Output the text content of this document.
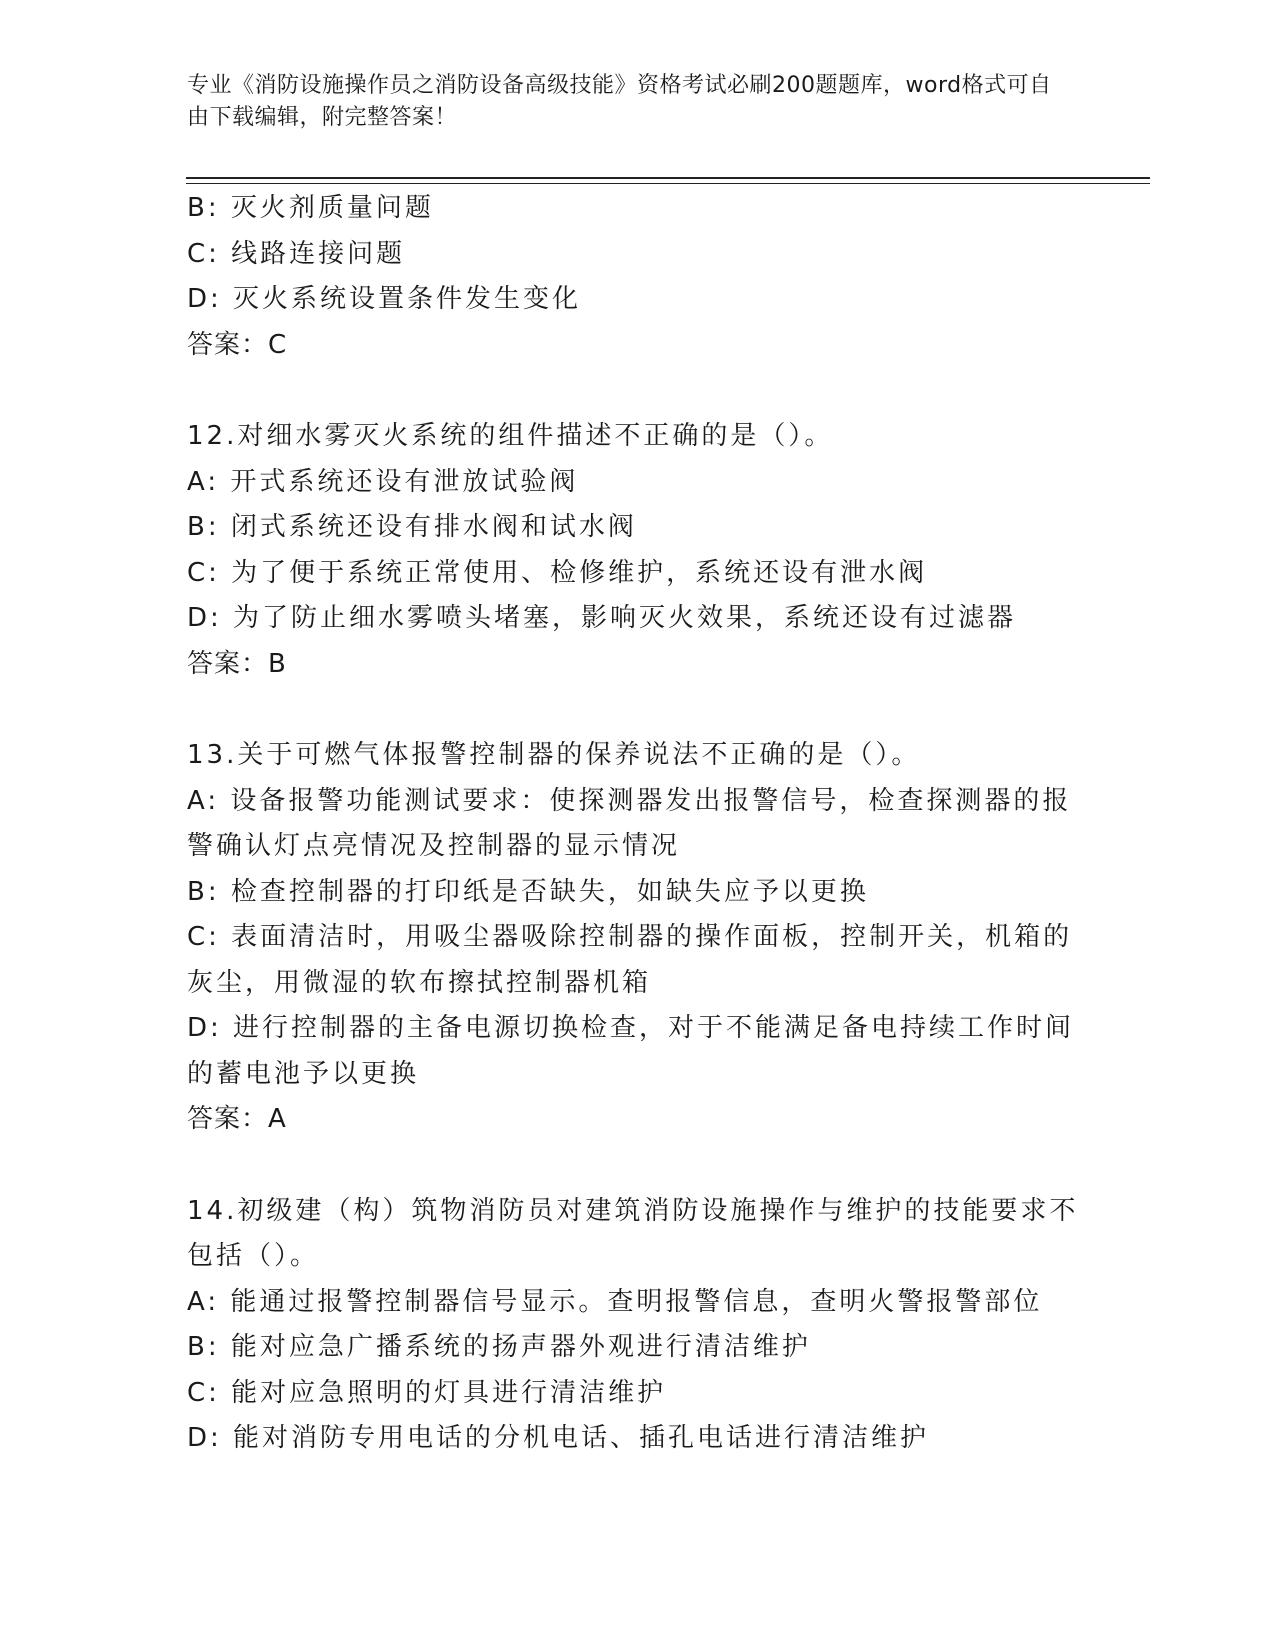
专业《消防设施操作员之消防设备高级技能》资格考试必刷200题题库，word格式可自由下载编辑，附完整答案！
B: 灭火剂质量问题
C: 线路连接问题
D: 灭火系统设置条件发生变化
答案：C
12.对细水雾灭火系统的组件描述不正确的是（）。
A: 开式系统还设有泄放试验阀
B: 闭式系统还设有排水阀和试水阀
C: 为了便于系统正常使用、检修维护，系统还设有泄水阀
D: 为了防止细水雾喷头堵塞，影响灭火效果，系统还设有过滤器
答案：B
13.关于可燃气体报警控制器的保养说法不正确的是（）。
A: 设备报警功能测试要求：使探测器发出报警信号，检查探测器的报警确认灯点亮情况及控制器的显示情况
B: 检查控制器的打印纸是否缺失，如缺失应予以更换
C: 表面清洁时，用吸尘器吸除控制器的操作面板，控制开关，机箱的灰尘，用微湿的软布擦拭控制器机箱
D: 进行控制器的主备电源切换检查，对于不能满足备电持续工作时间的蓄电池予以更换
答案：A
14.初级建（构）筑物消防员对建筑消防设施操作与维护的技能要求不包括（）。
A: 能通过报警控制器信号显示。查明报警信息，查明火警报警部位
B: 能对应急广播系统的扬声器外观进行清洁维护
C: 能对应急照明的灯具进行清洁维护
D: 能对消防专用电话的分机电话、插孔电话进行清洁维护
